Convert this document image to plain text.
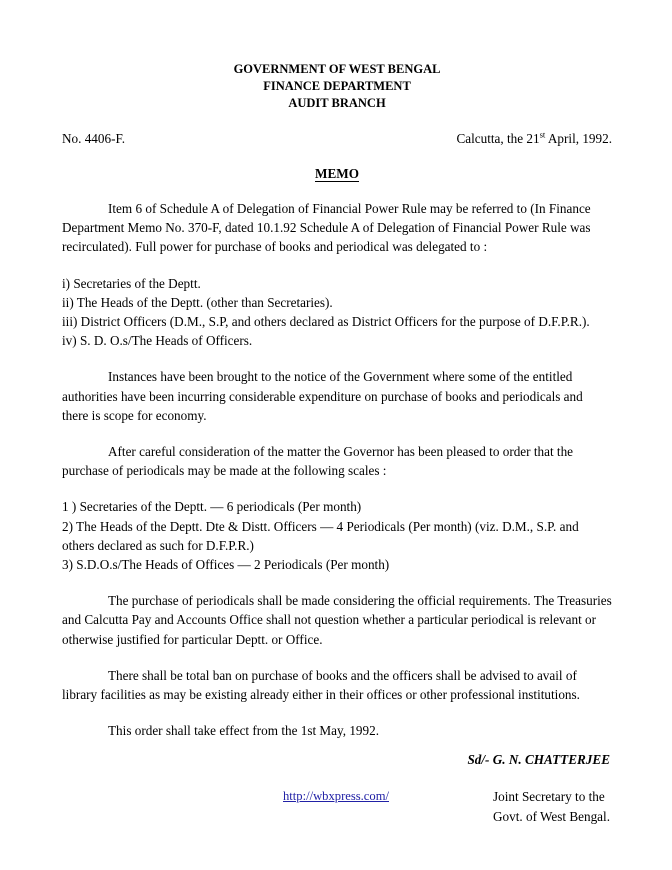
GOVERNMENT OF WEST BENGAL
FINANCE DEPARTMENT
AUDIT BRANCH
No. 4406-F.	Calcutta, the 21st April, 1992.
MEMO

Item 6 of Schedule A of Delegation of Financial Power Rule may be referred to (In Finance Department Memo No. 370-F, dated 10.1.92 Schedule A of Delegation of Financial Power Rule was recirculated). Full power for purchase of books and periodical was delegated to :

i) Secretaries of the Deptt.

ii) The Heads of the Deptt. (other than Secretaries).

iii) District Officers (D.M., S.P, and others declared as District Officers for the purpose of D.F.P.R.).

iv) S. D. O.s/The Heads of Officers.

Instances have been brought to the notice of the Government where some of the entitled authorities have been incurring considerable expenditure on purchase of books and periodicals and there is scope for economy.

After careful consideration of the matter the Governor has been pleased to order that the purchase of periodicals may be made at the following scales :

1 ) Secretaries of the Deptt. — 6 periodicals (Per month)

2) The Heads of the Deptt. Dte & Distt. Officers — 4 Periodicals (Per month) (viz. D.M., S.P. and others declared as such for D.F.P.R.)

3) S.D.O.s/The Heads of Offices — 2 Periodicals (Per month)

The purchase of periodicals shall be made considering the official requirements. The Treasuries and Calcutta Pay and Accounts Office shall not question whether a particular periodical is relevant or otherwise justified for particular Deptt. or Office.

There shall be total ban on purchase of books and the officers shall be advised to avail of library facilities as may be existing already either in their offices or other professional institutions.

This order shall take effect from the 1st May, 1992.

Sd/- G. N. CHATTERJEE
Joint Secretary to the
Govt. of West Bengal.
http://wbxpress.com/
